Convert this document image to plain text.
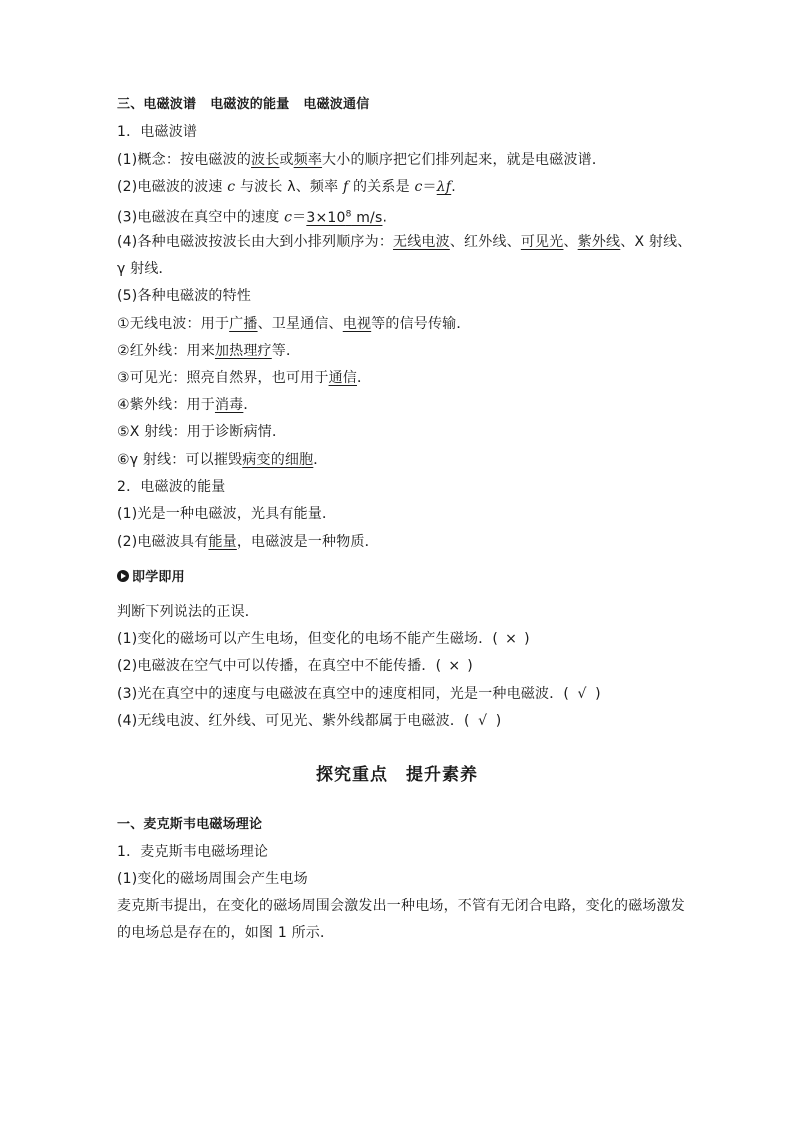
三、电磁波谱 电磁波的能量 电磁波通信
1．电磁波谱
(1)概念：按电磁波的波长或频率大小的顺序把它们排列起来，就是电磁波谱．
(2)电磁波的波速 c 与波长 λ、频率 f 的关系是 c＝λf.
(3)电磁波在真空中的速度 $c=3\times 10^8$ m/s.
(4)各种电磁波按波长由大到小排列顺序为：无线电波、红外线、可见光、紫外线、X 射线、
γ 射线．
(5)各种电磁波的特性
①无线电波：用于广播、卫星通信、电视等的信号传输．
②红外线：用来加热理疗等．
③可见光：照亮自然界，也可用于通信．
④紫外线：用于消毒．
⑤X 射线：用于诊断病情．
⑥γ 射线：可以摧毁病变的细胞．
2．电磁波的能量
(1)光是一种电磁波，光具有能量．
(2)电磁波具有能量，电磁波是一种物质．
即学即用
判断下列说法的正误．
(1)变化的磁场可以产生电场，但变化的电场不能产生磁场．( × )
(2)电磁波在空气中可以传播，在真空中不能传播．( × )
(3)光在真空中的速度与电磁波在真空中的速度相同，光是一种电磁波．( √ )
(4)无线电波、红外线、可见光、紫外线都属于电磁波．( √ )
探究重点 提升素养
一、麦克斯韦电磁场理论
1．麦克斯韦电磁场理论
(1)变化的磁场周围会产生电场
麦克斯韦提出，在变化的磁场周围会激发出一种电场，不管有无闭合电路，变化的磁场激发
的电场总是存在的，如图 1 所示．
